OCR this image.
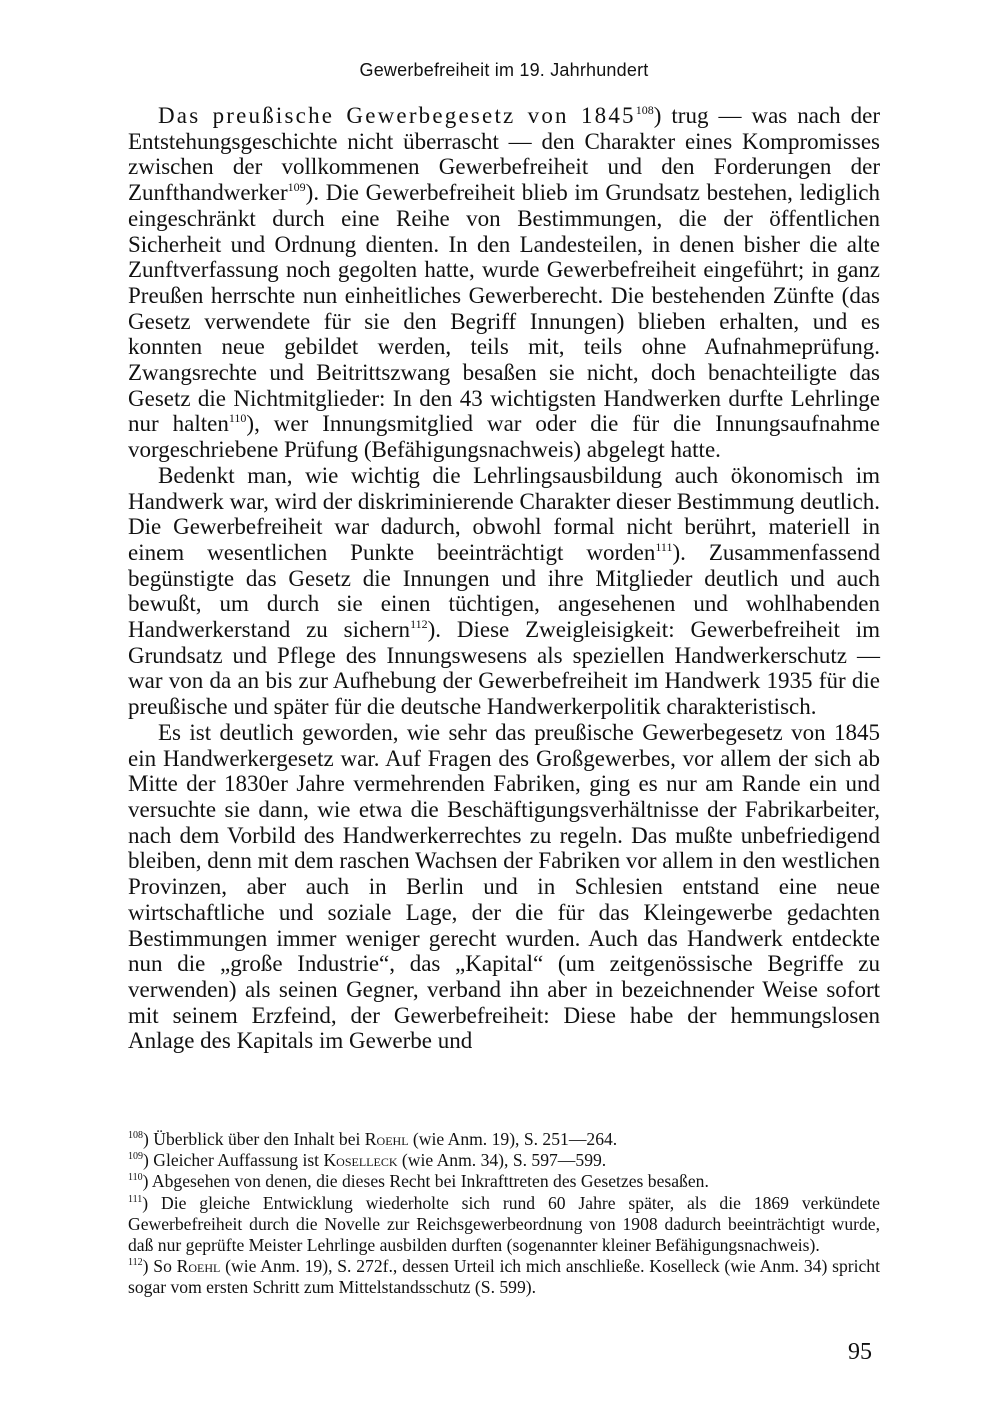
Gewerbefreiheit im 19. Jahrhundert

Das preußische Gewerbegesetz von 1845$^{108}$) trug — was nach der Entstehungsgeschichte nicht überrascht — den Charakter eines Kompromisses zwischen der vollkommenen Gewerbefreiheit und den Forderungen der Zunfthandwerker$^{109}$). Die Gewerbefreiheit blieb im Grundsatz bestehen, lediglich eingeschränkt durch eine Reihe von Bestimmungen, die der öffentlichen Sicherheit und Ordnung dienten. In den Landesteilen, in denen bisher die alte Zunftverfassung noch gegolten hatte, wurde Gewerbefreiheit eingeführt; in ganz Preußen herrschte nun einheitliches Gewerberecht. Die bestehenden Zünfte (das Gesetz verwendete für sie den Begriff Innungen) blieben erhalten, und es konnten neue gebildet werden, teils mit, teils ohne Aufnahmeprüfung. Zwangsrechte und Beitrittszwang besaßen sie nicht, doch benachteiligte das Gesetz die Nichtmitglieder: In den 43 wichtigsten Handwerken durfte Lehrlinge nur halten$^{110}$), wer Innungsmitglied war oder die für die Innungsaufnahme vorgeschriebene Prüfung (Befähigungsnachweis) abgelegt hatte.

Bedenkt man, wie wichtig die Lehrlingsausbildung auch ökonomisch im Handwerk war, wird der diskriminierende Charakter dieser Bestimmung deutlich. Die Gewerbefreiheit war dadurch, obwohl formal nicht berührt, materiell in einem wesentlichen Punkte beeinträchtigt worden$^{111}$). Zusammenfassend begünstigte das Gesetz die Innungen und ihre Mitglieder deutlich und auch bewußt, um durch sie einen tüchtigen, angesehenen und wohlhabenden Handwerkerstand zu sichern$^{112}$). Diese Zweigleisigkeit: Gewerbefreiheit im Grundsatz und Pflege des Innungswesens als speziellen Handwerkerschutz — war von da an bis zur Aufhebung der Gewerbefreiheit im Handwerk 1935 für die preußische und später für die deutsche Handwerkerpolitik charakteristisch.

Es ist deutlich geworden, wie sehr das preußische Gewerbegesetz von 1845 ein Handwerkergesetz war. Auf Fragen des Großgewerbes, vor allem der sich ab Mitte der 1830er Jahre vermehrenden Fabriken, ging es nur am Rande ein und versuchte sie dann, wie etwa die Beschäftigungsverhältnisse der Fabrikarbeiter, nach dem Vorbild des Handwerkerrechtes zu regeln. Das mußte unbefriedigend bleiben, denn mit dem raschen Wachsen der Fabriken vor allem in den westlichen Provinzen, aber auch in Berlin und in Schlesien entstand eine neue wirtschaftliche und soziale Lage, der die für das Kleingewerbe gedachten Bestimmungen immer weniger gerecht wurden. Auch das Handwerk entdeckte nun die „große Industrie“, das „Kapital“ (um zeitgenössische Begriffe zu verwenden) als seinen Gegner, verband ihn aber in bezeichnender Weise sofort mit seinem Erzfeind, der Gewerbefreiheit: Diese habe der hemmungslosen Anlage des Kapitals im Gewerbe und

$^{108}$) Überblick über den Inhalt bei Roehl (wie Anm. 19), S. 251—264.

$^{109}$) Gleicher Auffassung ist Koselleck (wie Anm. 34), S. 597—599.

$^{110}$) Abgesehen von denen, die dieses Recht bei Inkrafttreten des Gesetzes besaßen.

$^{111}$) Die gleiche Entwicklung wiederholte sich rund 60 Jahre später, als die 1869 verkündete Gewerbefreiheit durch die Novelle zur Reichsgewerbeordnung von 1908 dadurch beeinträchtigt wurde, daß nur geprüfte Meister Lehrlinge ausbilden durften (sogenannter kleiner Befähigungsnachweis).

$^{112}$) So Roehl (wie Anm. 19), S. 272f., dessen Urteil ich mich anschließe. Koselleck (wie Anm. 34) spricht sogar vom ersten Schritt zum Mittelstandsschutz (S. 599).

95
